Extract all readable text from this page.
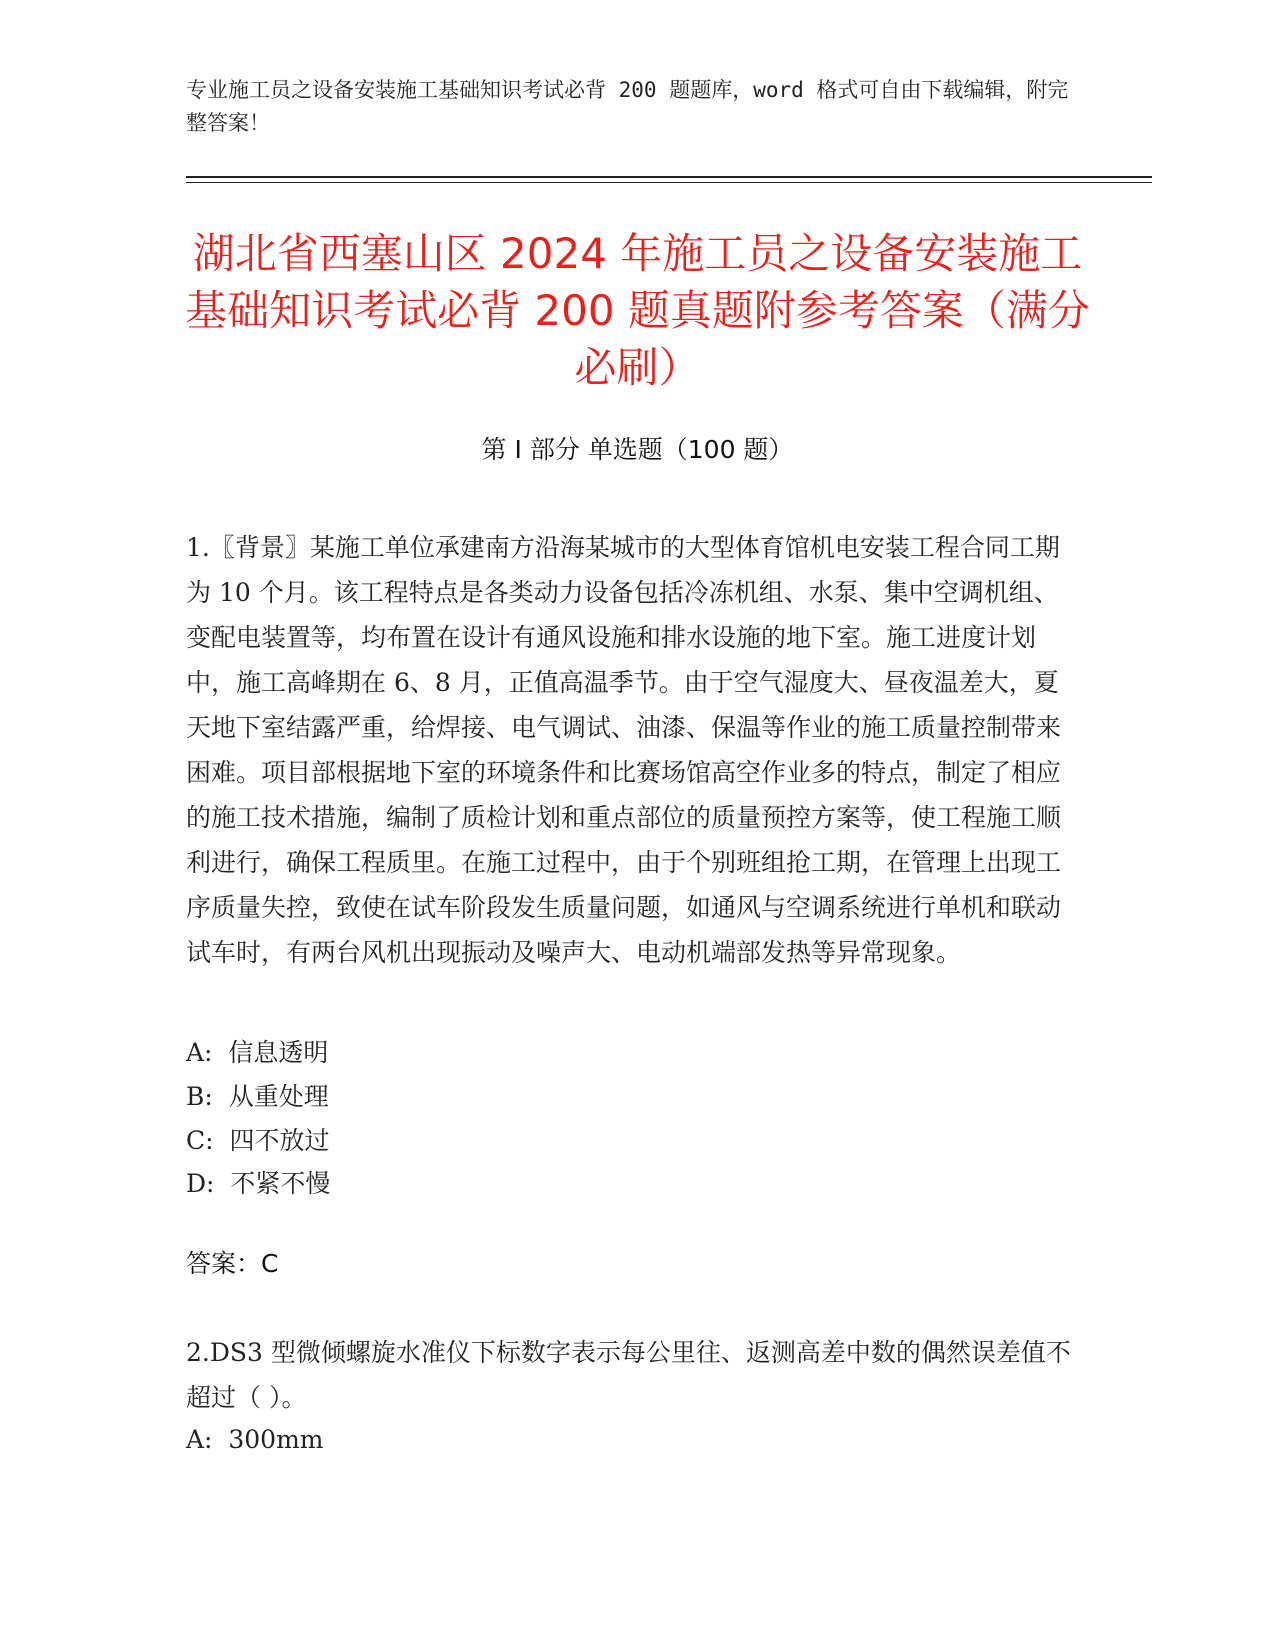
专业施工员之设备安装施工基础知识考试必背 200 题题库，word 格式可自由下载编辑，附完整答案！
湖北省西塞山区 2024 年施工员之设备安装施工基础知识考试必背 200 题真题附参考答案（满分必刷）
第 I 部分 单选题（100 题）
1.〖背景〗某施工单位承建南方沿海某城市的大型体育馆机电安装工程合同工期为 10 个月。该工程特点是各类动力设备包括冷冻机组、水泵、集中空调机组、变配电装置等，均布置在设计有通风设施和排水设施的地下室。施工进度计划中，施工高峰期在 6、8 月，正值高温季节。由于空气湿度大、昼夜温差大，夏天地下室结露严重，给焊接、电气调试、油漆、保温等作业的施工质量控制带来困难。项目部根据地下室的环境条件和比赛场馆高空作业多的特点，制定了相应的施工技术措施，编制了质检计划和重点部位的质量预控方案等，使工程施工顺利进行，确保工程质里。在施工过程中，由于个别班组抢工期，在管理上出现工序质量失控，致使在试车阶段发生质量问题，如通风与空调系统进行单机和联动试车时，有两台风机出现振动及噪声大、电动机端部发热等异常现象。
A:  信息透明
B:  从重处理
C:  四不放过
D:  不紧不慢
答案：C
2.DS3 型微倾螺旋水准仪下标数字表示每公里往、返测高差中数的偶然误差值不超过（ ）。
A:  300mm
